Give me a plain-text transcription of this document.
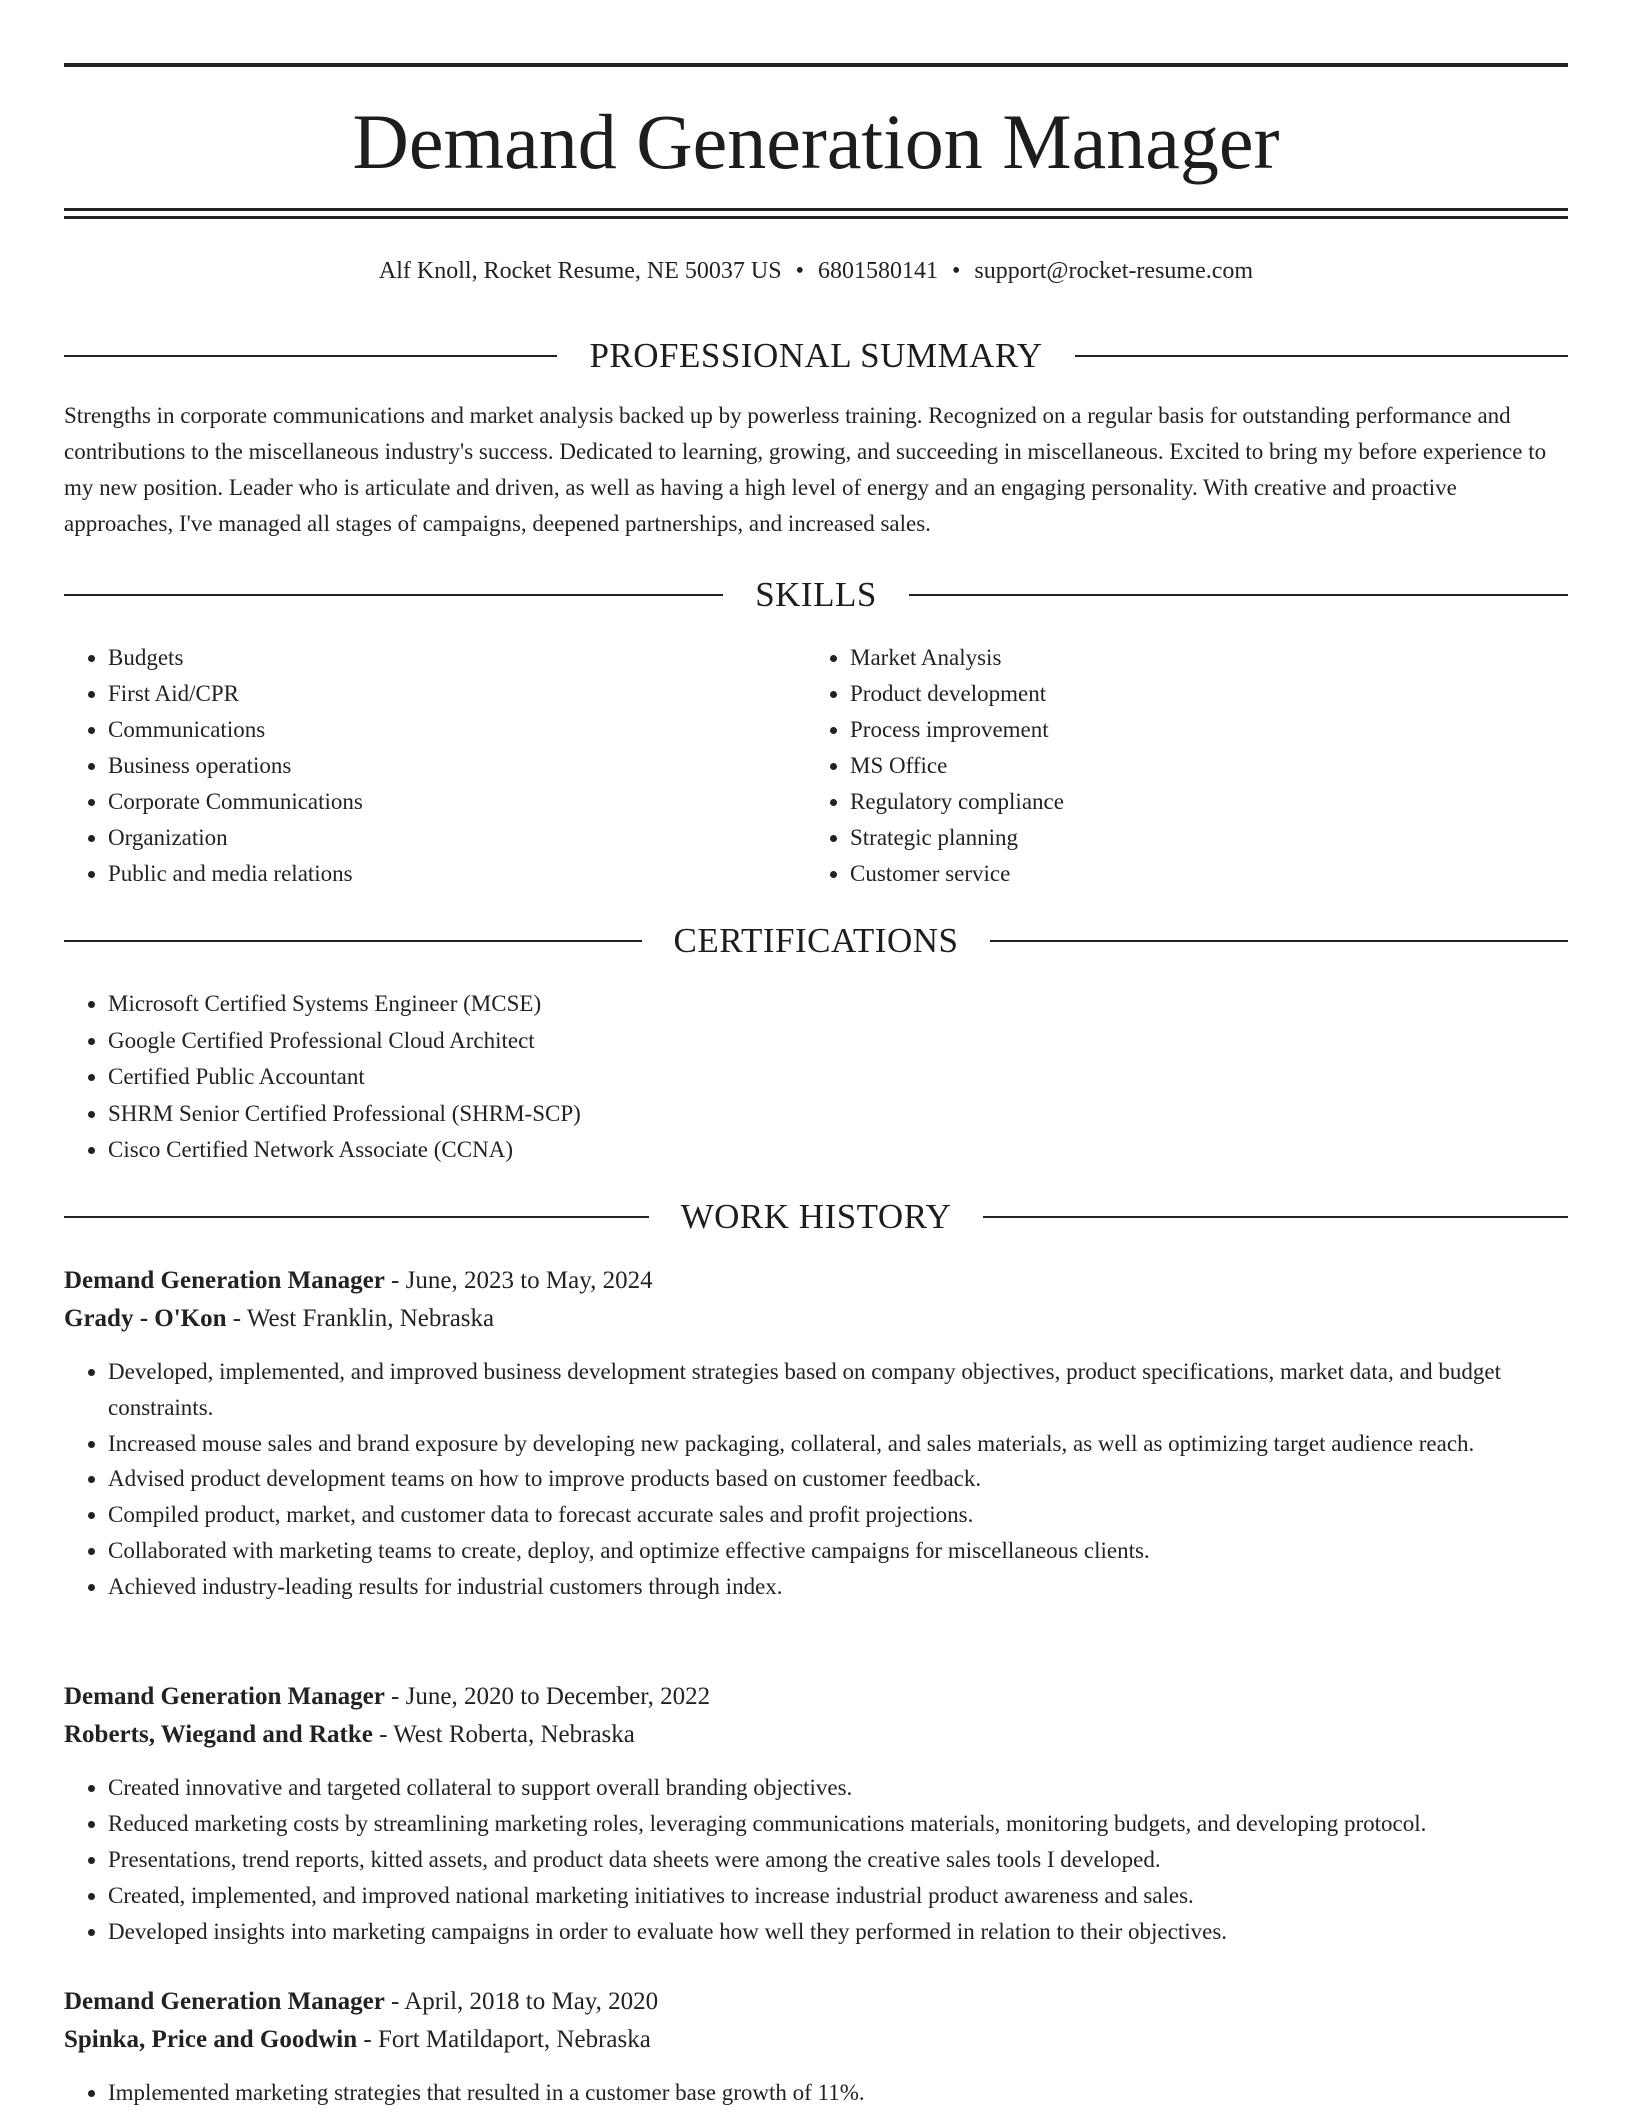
Demand Generation Manager
Alf Knoll, Rocket Resume, NE 50037 US • 6801580141 • support@rocket-resume.com
PROFESSIONAL SUMMARY

Strengths in corporate communications and market analysis backed up by powerless training. Recognized on a regular basis for outstanding performance and contributions to the miscellaneous industry's success. Dedicated to learning, growing, and succeeding in miscellaneous. Excited to bring my before experience to my new position. Leader who is articulate and driven, as well as having a high level of energy and an engaging personality. With creative and proactive approaches, I've managed all stages of campaigns, deepened partnerships, and increased sales.

SKILLS
• Budgets
• First Aid/CPR
• Communications
• Business operations
• Corporate Communications
• Organization
• Public and media relations
• Market Analysis
• Product development
• Process improvement
• MS Office
• Regulatory compliance
• Strategic planning
• Customer service
CERTIFICATIONS
• Microsoft Certified Systems Engineer (MCSE)
• Google Certified Professional Cloud Architect
• Certified Public Accountant
• SHRM Senior Certified Professional (SHRM-SCP)
• Cisco Certified Network Associate (CCNA)
WORK HISTORY
Demand Generation Manager - June, 2023 to May, 2024
Grady - O'Kon - West Franklin, Nebraska
• Developed, implemented, and improved business development strategies based on company objectives, product specifications, market data, and budget constraints.
• Increased mouse sales and brand exposure by developing new packaging, collateral, and sales materials, as well as optimizing target audience reach.
• Advised product development teams on how to improve products based on customer feedback.
• Compiled product, market, and customer data to forecast accurate sales and profit projections.
• Collaborated with marketing teams to create, deploy, and optimize effective campaigns for miscellaneous clients.
• Achieved industry-leading results for industrial customers through index.
Demand Generation Manager - June, 2020 to December, 2022
Roberts, Wiegand and Ratke - West Roberta, Nebraska
• Created innovative and targeted collateral to support overall branding objectives.
• Reduced marketing costs by streamlining marketing roles, leveraging communications materials, monitoring budgets, and developing protocol.
• Presentations, trend reports, kitted assets, and product data sheets were among the creative sales tools I developed.
• Created, implemented, and improved national marketing initiatives to increase industrial product awareness and sales.
• Developed insights into marketing campaigns in order to evaluate how well they performed in relation to their objectives.
Demand Generation Manager - April, 2018 to May, 2020
Spinka, Price and Goodwin - Fort Matildaport, Nebraska
• Implemented marketing strategies that resulted in a customer base growth of 11%.
